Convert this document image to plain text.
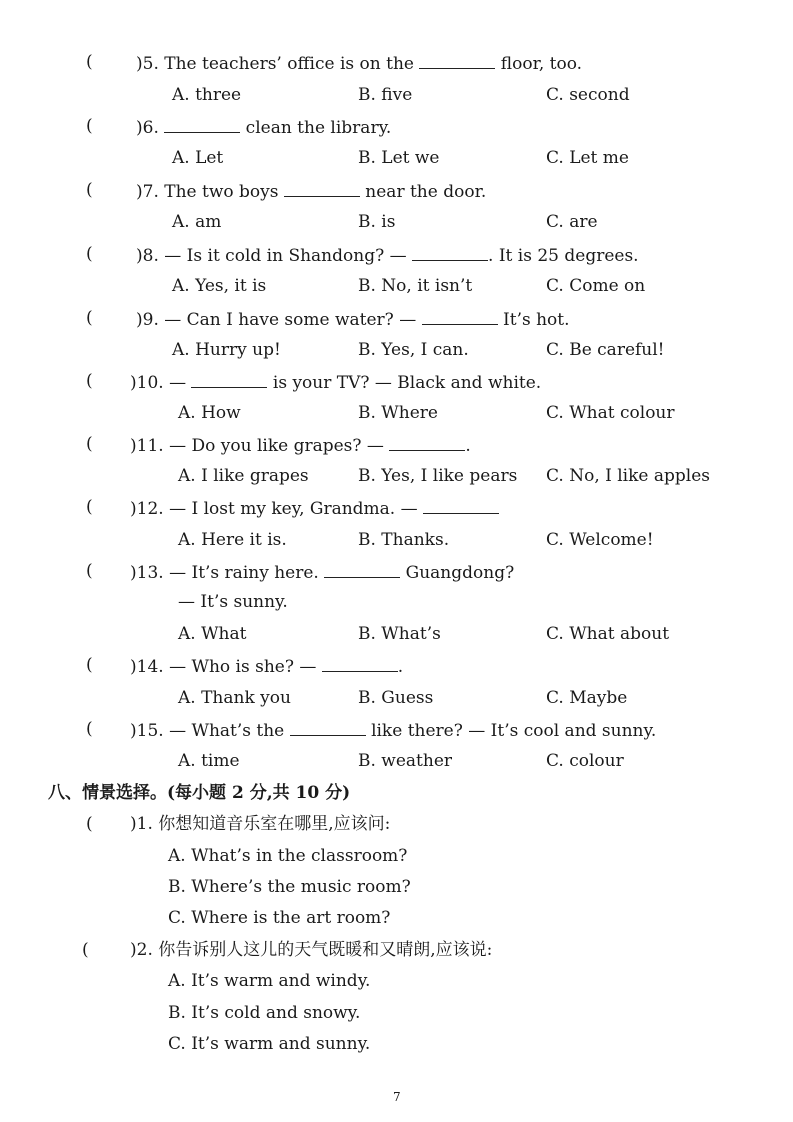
(	)5. The teachers’ office is on the	floor, too.
A. three	B. five	C. second
(	)6.	clean the library.
A. Let	B. Let we	C. Let me
(	)7. The two boys	near the door.
A. am	B. is	C. are
(	)8. — Is it cold in Shandong? —	. It is 25 degrees.
A. Yes, it is	B. No, it isn’t	C. Come on
(	)9. — Can I have some water? —	It’s hot.
A. Hurry up!	B. Yes, I can.	C. Be careful!
( )10. —	is your TV? — Black and white.
A. How	B. Where	C. What colour
( )11. — Do you like grapes? —	.
A. I like grapes	B. Yes, I like pears C. No, I like apples
( )12. — I lost my key, Grandma. —
A. Here it is.	B. Thanks.	C. Welcome!
( )13. — It’s rainy here.	Guangdong?
— It’s sunny.
A. What	B. What’s	C. What about
( )14. — Who is she? —	.
A. Thank you	B. Guess	C. Maybe
( )15. — What’s the	like there? — It’s cool and sunny.
A. time	B. weather	C. colour
八、情景选择。(每小题 2 分,共 10 分)
( )1. 你想知道音乐室在哪里,应该问:
A. What’s in the classroom?
B. Where’s the music room?
C. Where is the art room?
( )2. 你告诉别人这儿的天气既暖和又晴朗,应该说:
A. It’s warm and windy.
B. It’s cold and snowy.
C. It’s warm and sunny.
7
